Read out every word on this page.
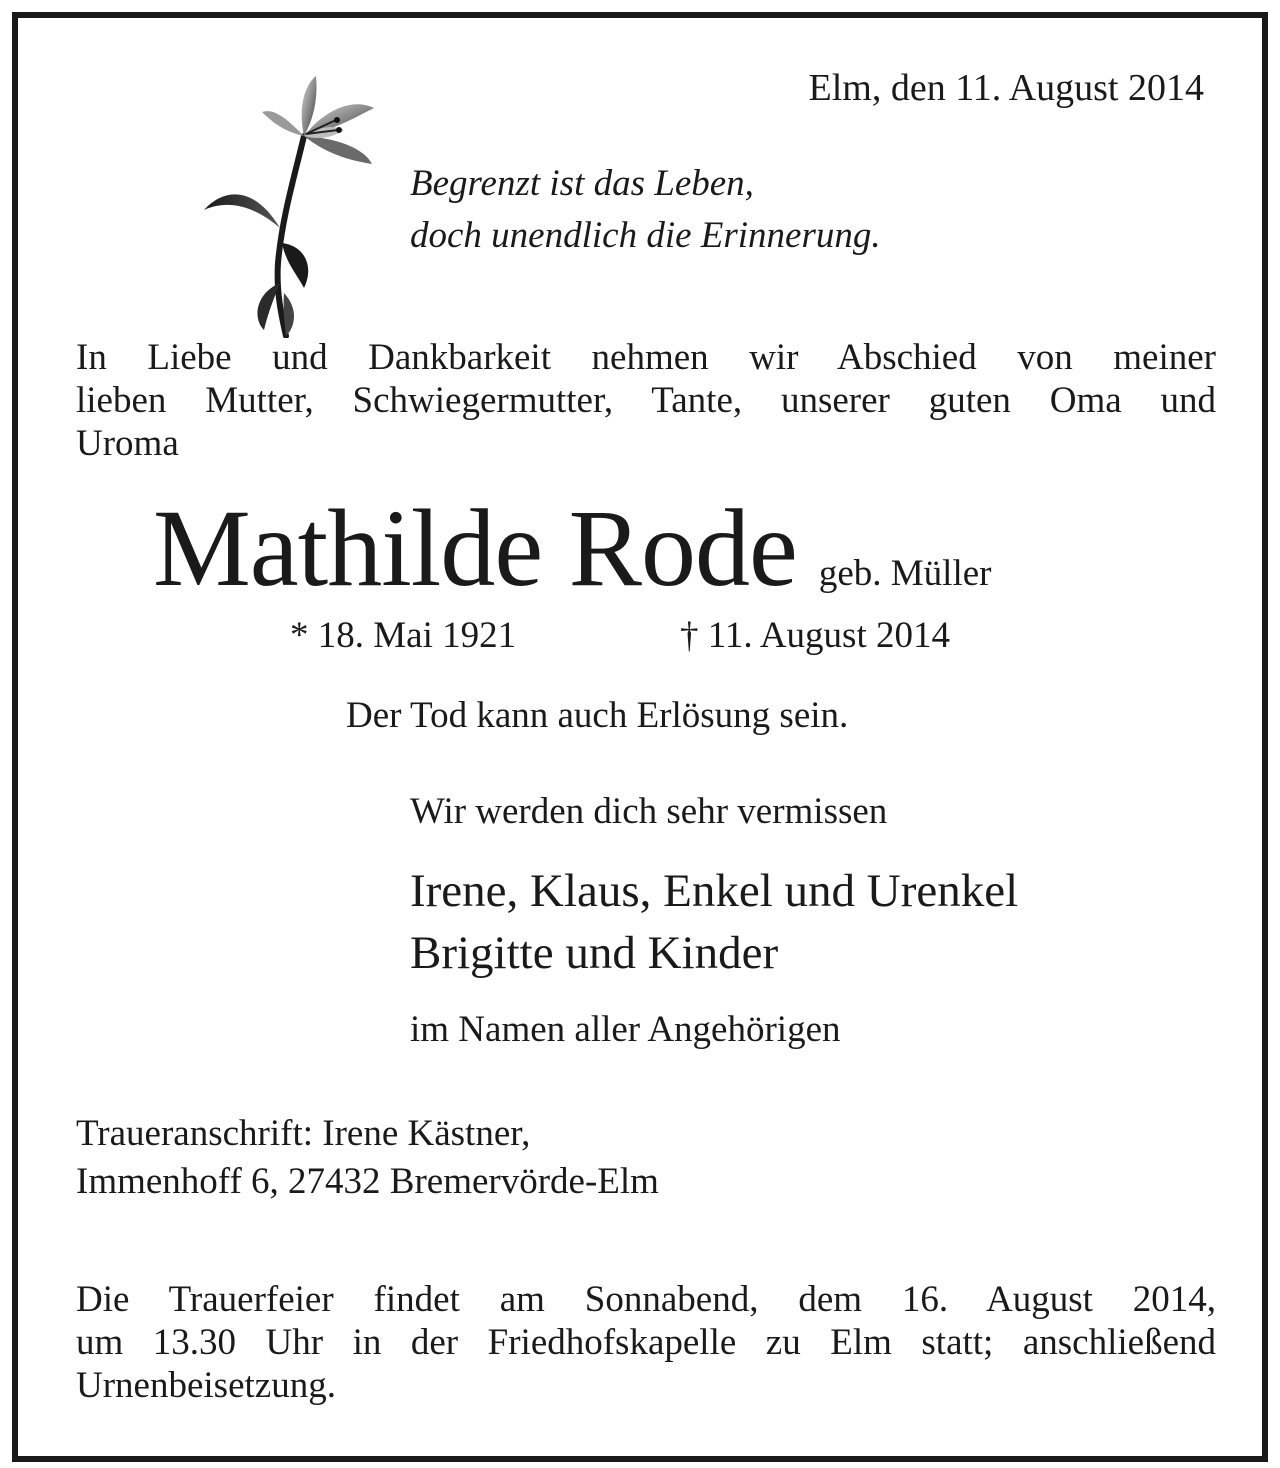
Elm, den 11. August 2014
Begrenzt ist das Leben,
doch unendlich die Erinnerung.
In Liebe und Dankbarkeit nehmen wir Abschied von meiner
lieben Mutter, Schwiegermutter, Tante, unserer guten Oma und
Uroma
Mathilde Rode geb. Müller
* 18. Mai 1921	† 11. August 2014
Der Tod kann auch Erlösung sein.
Wir werden dich sehr vermissen
Irene, Klaus, Enkel und Urenkel
Brigitte und Kinder
im Namen aller Angehörigen
Traueranschrift: Irene Kästner,
Immenhoff 6, 27432 Bremervörde-Elm
Die Trauerfeier findet am Sonnabend, dem 16. August 2014,
um 13.30 Uhr in der Friedhofskapelle zu Elm statt; anschließend
Urnenbeisetzung.
